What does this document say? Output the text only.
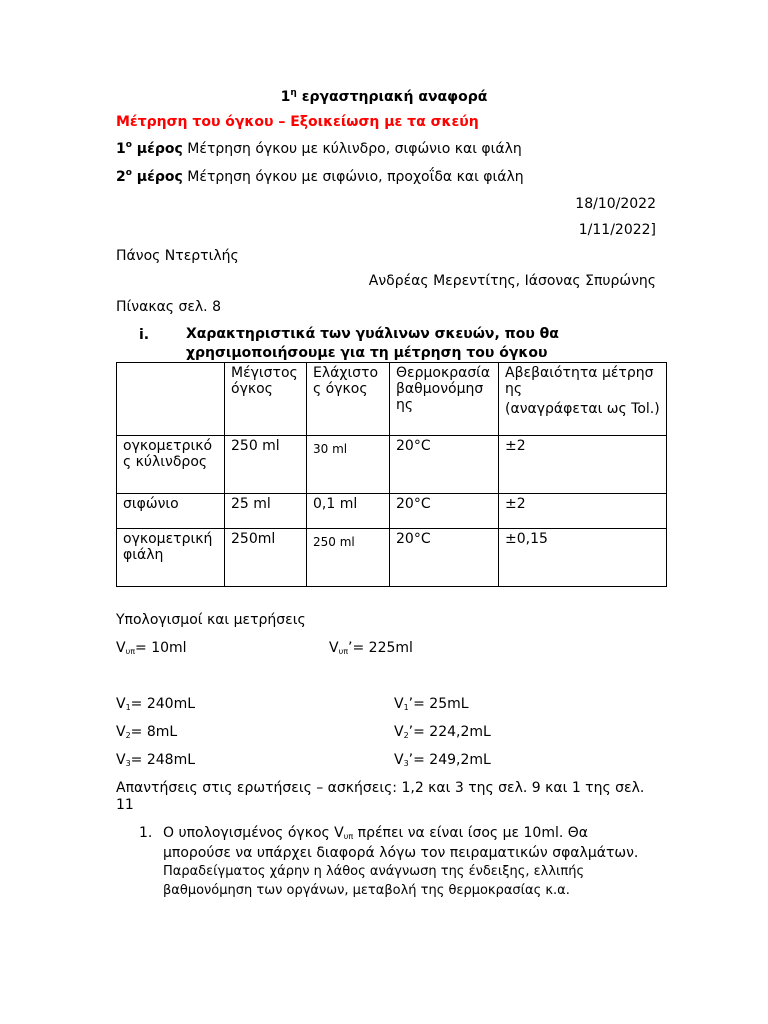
$1^\eta$ εργαστηριακή αναφορά
Μέτρηση του όγκου – Εξοικείωση με τα σκεύη
$1^o$ μέρος Μέτρηση όγκου με κύλινδρο, σιφώνιο και φιάλη
$2^o$ μέρος Μέτρηση όγκου με σιφώνιο, προχοΐδα και φιάλη
18/10/2022
1/11/2022]
Πάνος Ντερτιλής
Ανδρέας Μερεντίτης, Ιάσονας Σπυρώνης
Πίνακας σελ. 8
i.	Χαρακτηριστικά των γυάλινων σκευών, που θα
χρησιμοποιήσουμε για τη μέτρηση του όγκου
	Μέγιστος όγκος	Ελάχιστο ς όγκος	Θερμοκρασία βαθμονόμησ ης	Αβεβαιότητα μέτρησης
(αναγράφεται ως Tol.)

ογκομετρικό ς κύλινδρος	250 ml	30 ml	20°C	±2
σιφώνιο	25 ml	0,1 ml	20°C	±2
ογκομετρική φιάλη	250ml	250 ml	20°C	±0,15
Υπολογισμοί και μετρήσεις
$V_{\upsilon\pi}= 10ml$	$V_{\upsilon\pi}’= 225ml$
$V_1= 240mL$	$V_1’= 25mL$
$V_2= 8mL$	$V_2’= 224,2mL$
$V_3= 248mL$	$V_3’= 249,2mL$
Απαντήσεις στις ερωτήσεις – ασκήσεις: 1,2 και 3 της σελ. 9 και 1 της σελ.
11
1. Ο υπολογισμένος όγκος $V_{\upsilon\pi}$ πρέπει να είναι ίσος με 10ml. Θα
μπορούσε να υπάρχει διαφορά λόγω τον πειραματικών σφαλμάτων.
Παραδείγματος χάρην η λάθος ανάγνωση της ένδειξης, ελλιπής
βαθμονόμηση των οργάνων, μεταβολή της θερμοκρασίας κ.α.
